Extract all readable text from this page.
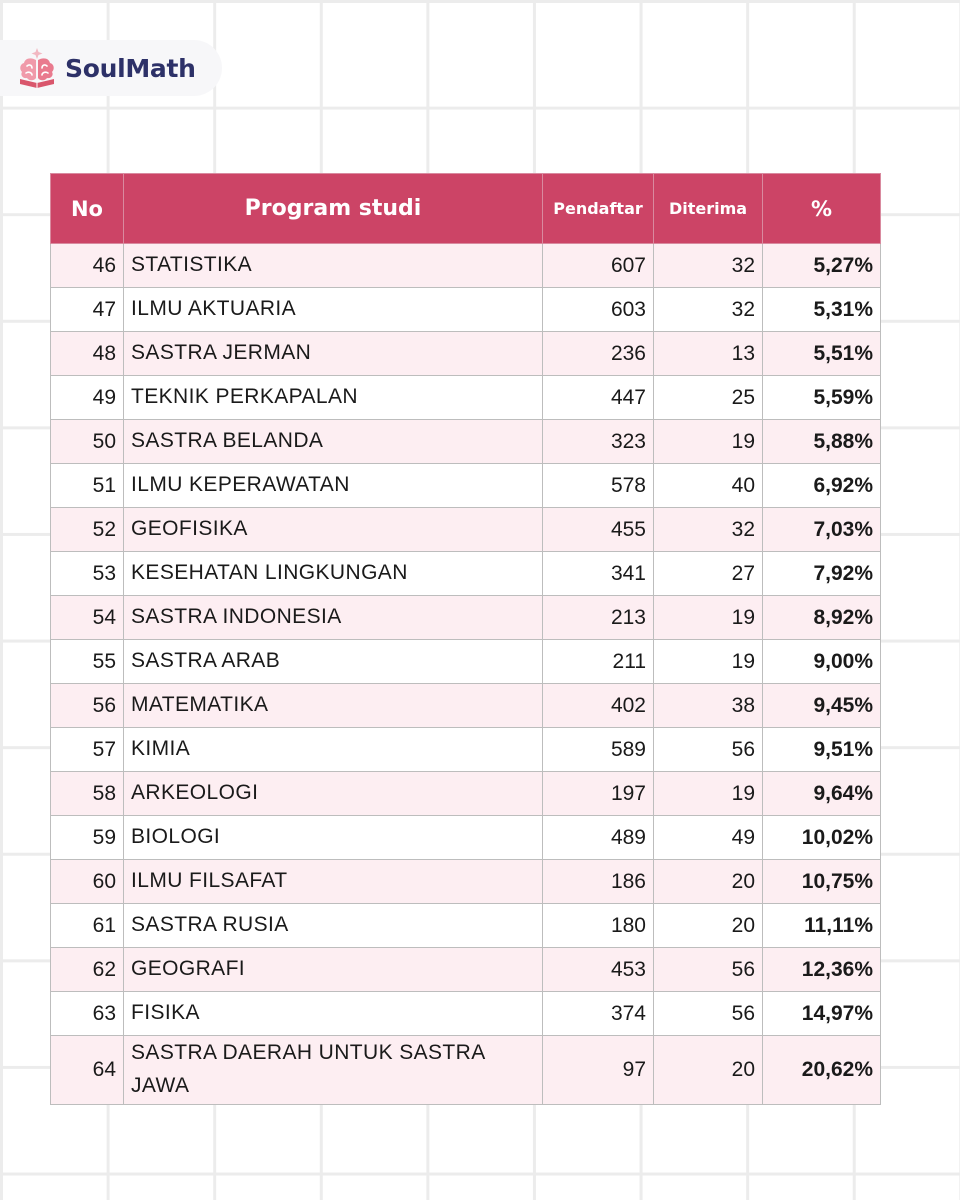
SoulMath
No	Program studi	Pendaftar	Diterima	%
46	STATISTIKA	607	32	5,27%
47	ILMU AKTUARIA	603	32	5,31%
48	SASTRA JERMAN	236	13	5,51%
49	TEKNIK PERKAPALAN	447	25	5,59%
50	SASTRA BELANDA	323	19	5,88%
51	ILMU KEPERAWATAN	578	40	6,92%
52	GEOFISIKA	455	32	7,03%
53	KESEHATAN LINGKUNGAN	341	27	7,92%
54	SASTRA INDONESIA	213	19	8,92%
55	SASTRA ARAB	211	19	9,00%
56	MATEMATIKA	402	38	9,45%
57	KIMIA	589	56	9,51%
58	ARKEOLOGI	197	19	9,64%
59	BIOLOGI	489	49	10,02%
60	ILMU FILSAFAT	186	20	10,75%
61	SASTRA RUSIA	180	20	11,11%
62	GEOGRAFI	453	56	12,36%
63	FISIKA	374	56	14,97%
64	SASTRA DAERAH UNTUK SASTRA JAWA	97	20	20,62%
